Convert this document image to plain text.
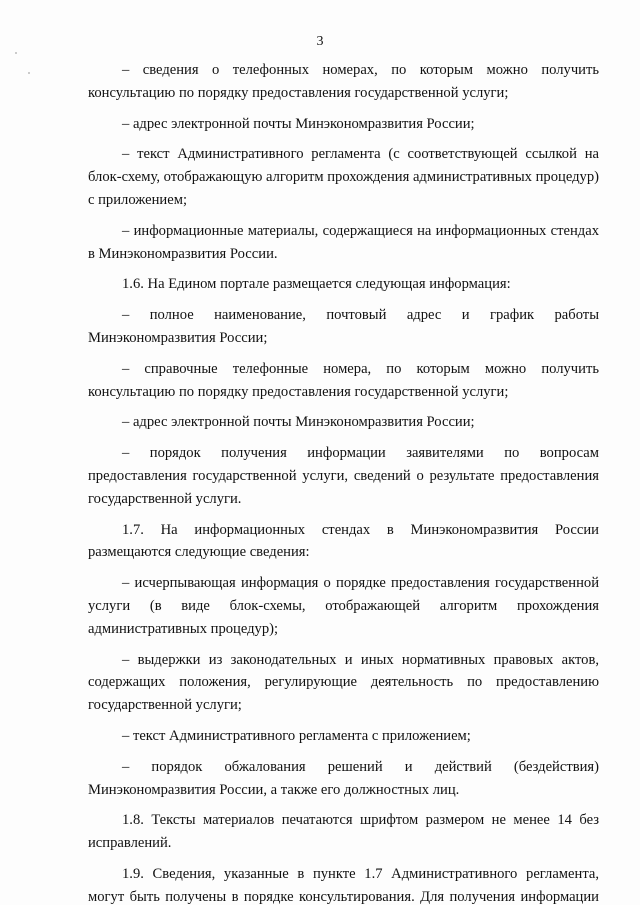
3

– сведения о телефонных номерах, по которым можно получить консультацию по порядку предоставления государственной услуги;

– адрес электронной почты Минэкономразвития России;

– текст Административного регламента (с соответствующей ссылкой на блок-схему, отображающую алгоритм прохождения административных процедур) с приложением;

– информационные материалы, содержащиеся на информационных стендах в Минэкономразвития России.

1.6. На Едином портале размещается следующая информация:

– полное наименование, почтовый адрес и график работы Минэкономразвития России;

– справочные телефонные номера, по которым можно получить консультацию по порядку предоставления государственной услуги;

– адрес электронной почты Минэкономразвития России;

– порядок получения информации заявителями по вопросам предоставления государственной услуги, сведений о результате предоставления государственной услуги.

1.7. На информационных стендах в Минэкономразвития России размещаются следующие сведения:

– исчерпывающая информация о порядке предоставления государственной услуги (в виде блок-схемы, отображающей алгоритм прохождения административных процедур);

– выдержки из законодательных и иных нормативных правовых актов, содержащих положения, регулирующие деятельность по предоставлению государственной услуги;

– текст Административного регламента с приложением;

– порядок обжалования решений и действий (бездействия) Минэкономразвития России, а также его должностных лиц.

1.8. Тексты материалов печатаются шрифтом размером не менее 14 без исправлений.

1.9. Сведения, указанные в пункте 1.7 Административного регламента, могут быть получены в порядке консультирования. Для получения информации
